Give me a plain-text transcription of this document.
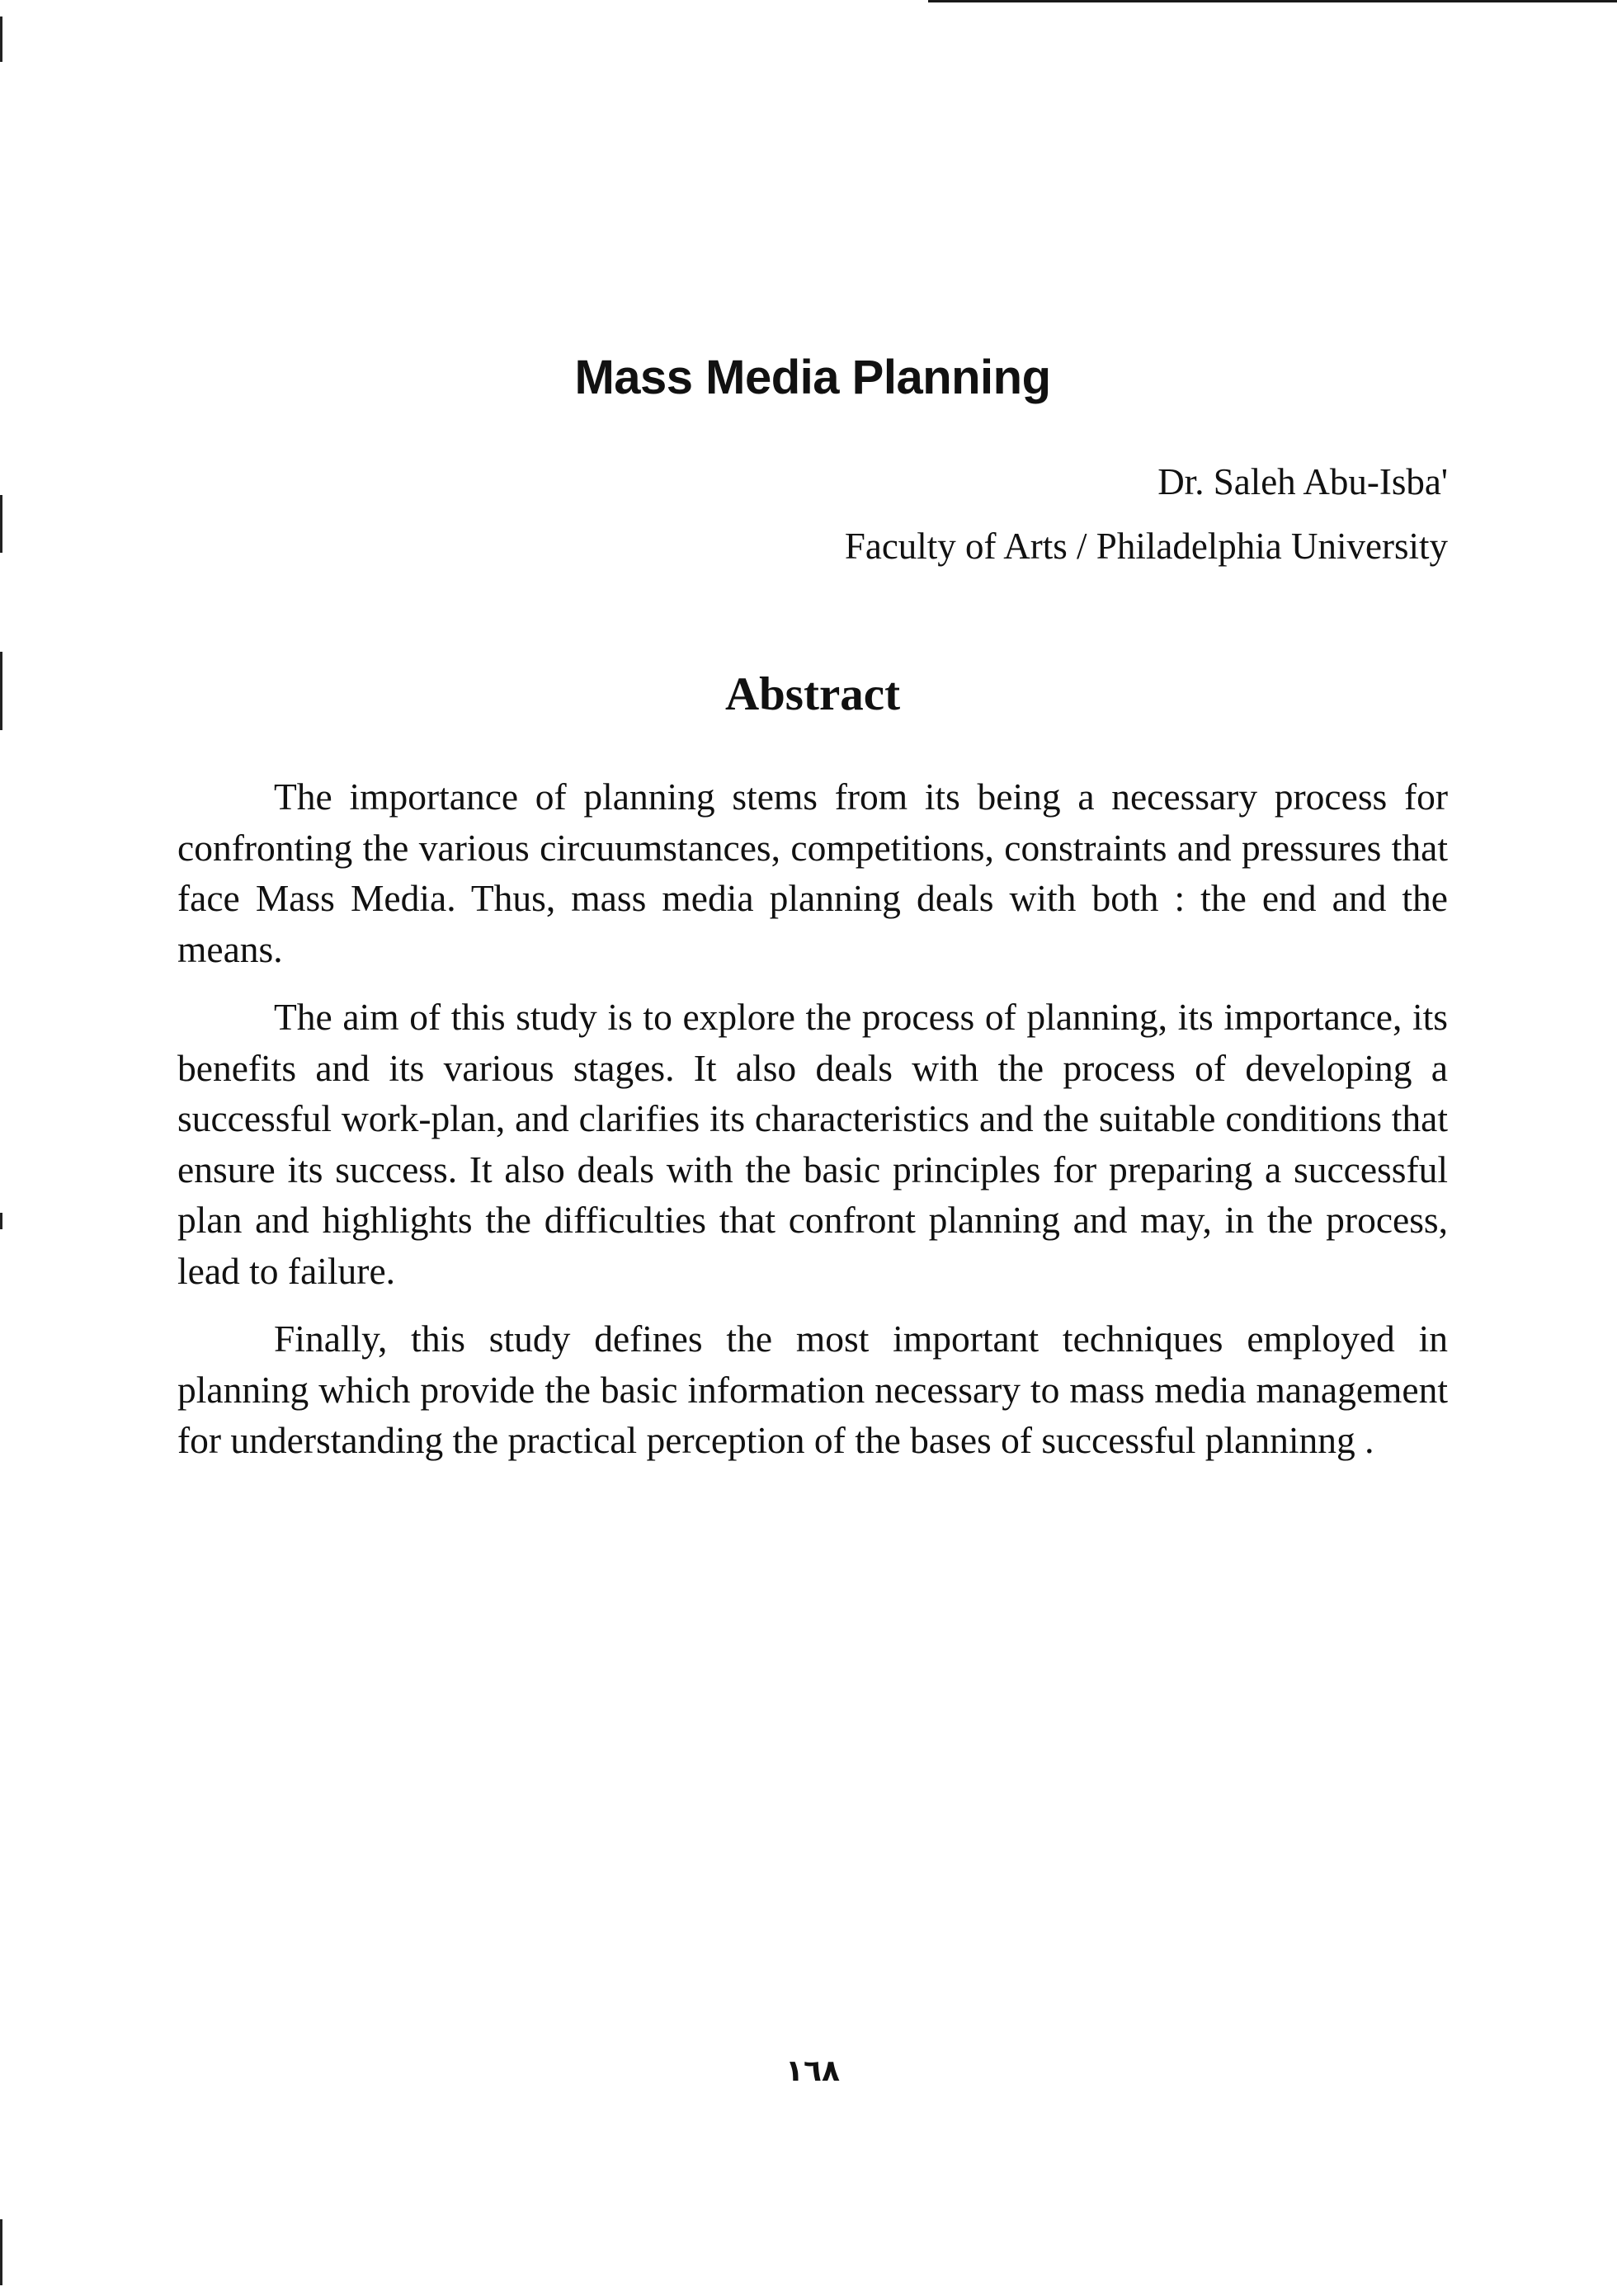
Mass Media Planning
Dr. Saleh Abu-Isba'
Faculty of Arts / Philadelphia University
Abstract

The importance of planning stems from its being a necessary process for confronting the various circuumstances, competitions, constraints and pressures that face Mass Media. Thus, mass media planning deals with both : the end and the means.

The aim of this study is to explore the process of planning, its importance, its benefits and its various stages. It also deals with the process of developing a successful work-plan, and clarifies its characteristics and the suitable conditions that ensure its success. It also deals with the basic principles for preparing a successful plan and highlights the difficulties that confront planning and may, in the process, lead to failure.

Finally, this study defines the most important techniques employed in planning which provide the basic information necessary to mass media management for understanding the practical perception of the bases of successful planninng .

١٦٨
